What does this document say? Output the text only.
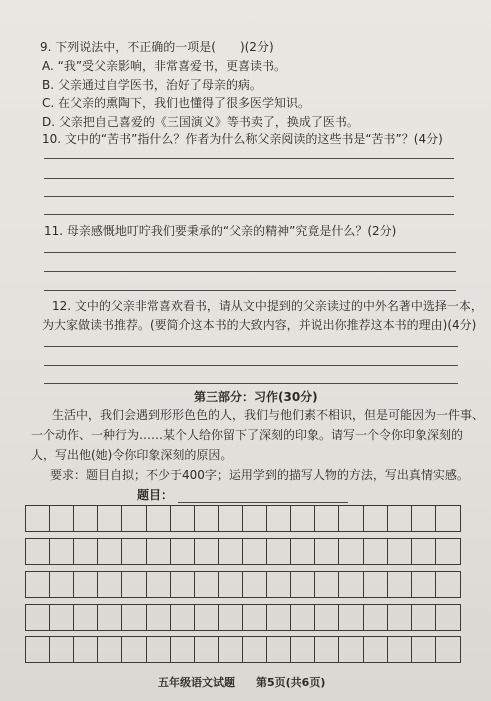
9. 下列说法中，不正确的一项是(　　)(2分)
A. “我”受父亲影响，非常喜爱书，更喜读书。
B. 父亲通过自学医书，治好了母亲的病。
C. 在父亲的熏陶下，我们也懂得了很多医学知识。
D. 父亲把自己喜爱的《三国演义》等书卖了，换成了医书。
10. 文中的“苦书”指什么？作者为什么称父亲阅读的这些书是“苦书”？(4分)
11. 母亲感慨地叮咛我们要秉承的“父亲的精神”究竟是什么？(2分)
12. 文中的父亲非常喜欢看书，请从文中提到的父亲读过的中外名著中选择一本，
为大家做读书推荐。(要简介这本书的大致内容，并说出你推荐这本书的理由)(4分)
第三部分：习作(30分)
生活中，我们会遇到形形色色的人，我们与他们素不相识，但是可能因为一件事、
一个动作、一种行为……某个人给你留下了深刻的印象。请写一个令你印象深刻的
人，写出他(她)令你印象深刻的原因。
要求：题目自拟；不少于400字；运用学到的描写人物的方法，写出真情实感。
题目：
五年级语文试题 第5页(共6页)
